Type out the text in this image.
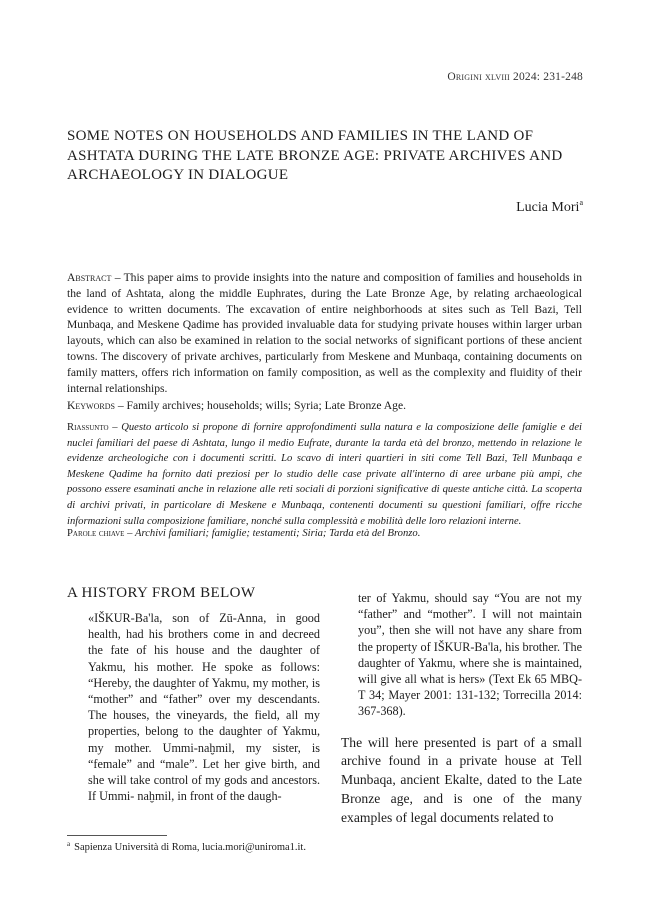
Origini xlviii 2024: 231-248
SOME NOTES ON HOUSEHOLDS AND FAMILIES IN THE LAND OF ASHTATA DURING THE LATE BRONZE AGE: PRIVATE ARCHIVES AND ARCHAEOLOGY IN DIALOGUE
Lucia Mori$^a$

Abstract – This paper aims to provide insights into the nature and composition of families and households in the land of Ashtata, along the middle Euphrates, during the Late Bronze Age, by relating archaeological evidence to written documents. The excavation of entire neighborhoods at sites such as Tell Bazi, Tell Munbaqa, and Meskene Qadime has provided invaluable data for studying private houses within larger urban layouts, which can also be examined in relation to the social networks of significant portions of these ancient towns. The discovery of private archives, particularly from Meskene and Munbaqa, containing documents on family matters, offers rich information on family composition, as well as the complexity and fluidity of their internal relationships.

Keywords – Family archives; households; wills; Syria; Late Bronze Age.

Riassunto – Questo articolo si propone di fornire approfondimenti sulla natura e la composizione delle famiglie e dei nuclei familiari del paese di Ashtata, lungo il medio Eufrate, durante la tarda età del bronzo, mettendo in relazione le evidenze archeologiche con i documenti scritti. Lo scavo di interi quartieri in siti come Tell Bazi, Tell Munbaqa e Meskene Qadime ha fornito dati preziosi per lo studio delle case private all'interno di aree urbane più ampi, che possono essere esaminati anche in relazione alle reti sociali di porzioni significative di queste antiche città. La scoperta di archivi privati, in particolare di Meskene e Munbaqa, contenenti documenti su questioni familiari, offre ricche informazioni sulla composizione familiare, nonché sulla complessità e mobilità delle loro relazioni interne.

Parole chiave – Archivi familiari; famiglie; testamenti; Siria; Tarda età del Bronzo.

A HISTORY FROM BELOW

«IŠKUR-Ba'la, son of Zū-Anna, in good health, had his brothers come in and decreed the fate of his house and the daughter of Yakmu, his mother. He spoke as follows: “Hereby, the daughter of Yakmu, my mother, is “mother” and “father” over my descendants. The houses, the vineyards, the field, all my properties, belong to the daughter of Yakmu, my mother. Ummi-naḫmil, my sister, is “female” and “male”. Let her give birth, and she will take control of my gods and ancestors. If Ummi- naḫmil, in front of the daugh-

ter of Yakmu, should say “You are not my “father” and “mother”. I will not maintain you”, then she will not have any share from the property of IŠKUR-Ba'la, his brother. The daughter of Yakmu, where she is maintained, will give all what is hers» (Text Ek 65 MBQ-T 34; Mayer 2001: 131-132; Torrecilla 2014: 367-368).

The will here presented is part of a small archive found in a private house at Tell Munbaqa, ancient Ekalte, dated to the Late Bronze age, and is one of the many examples of legal documents related to

$^a$ Sapienza Università di Roma, lucia.mori@uniroma1.it.
